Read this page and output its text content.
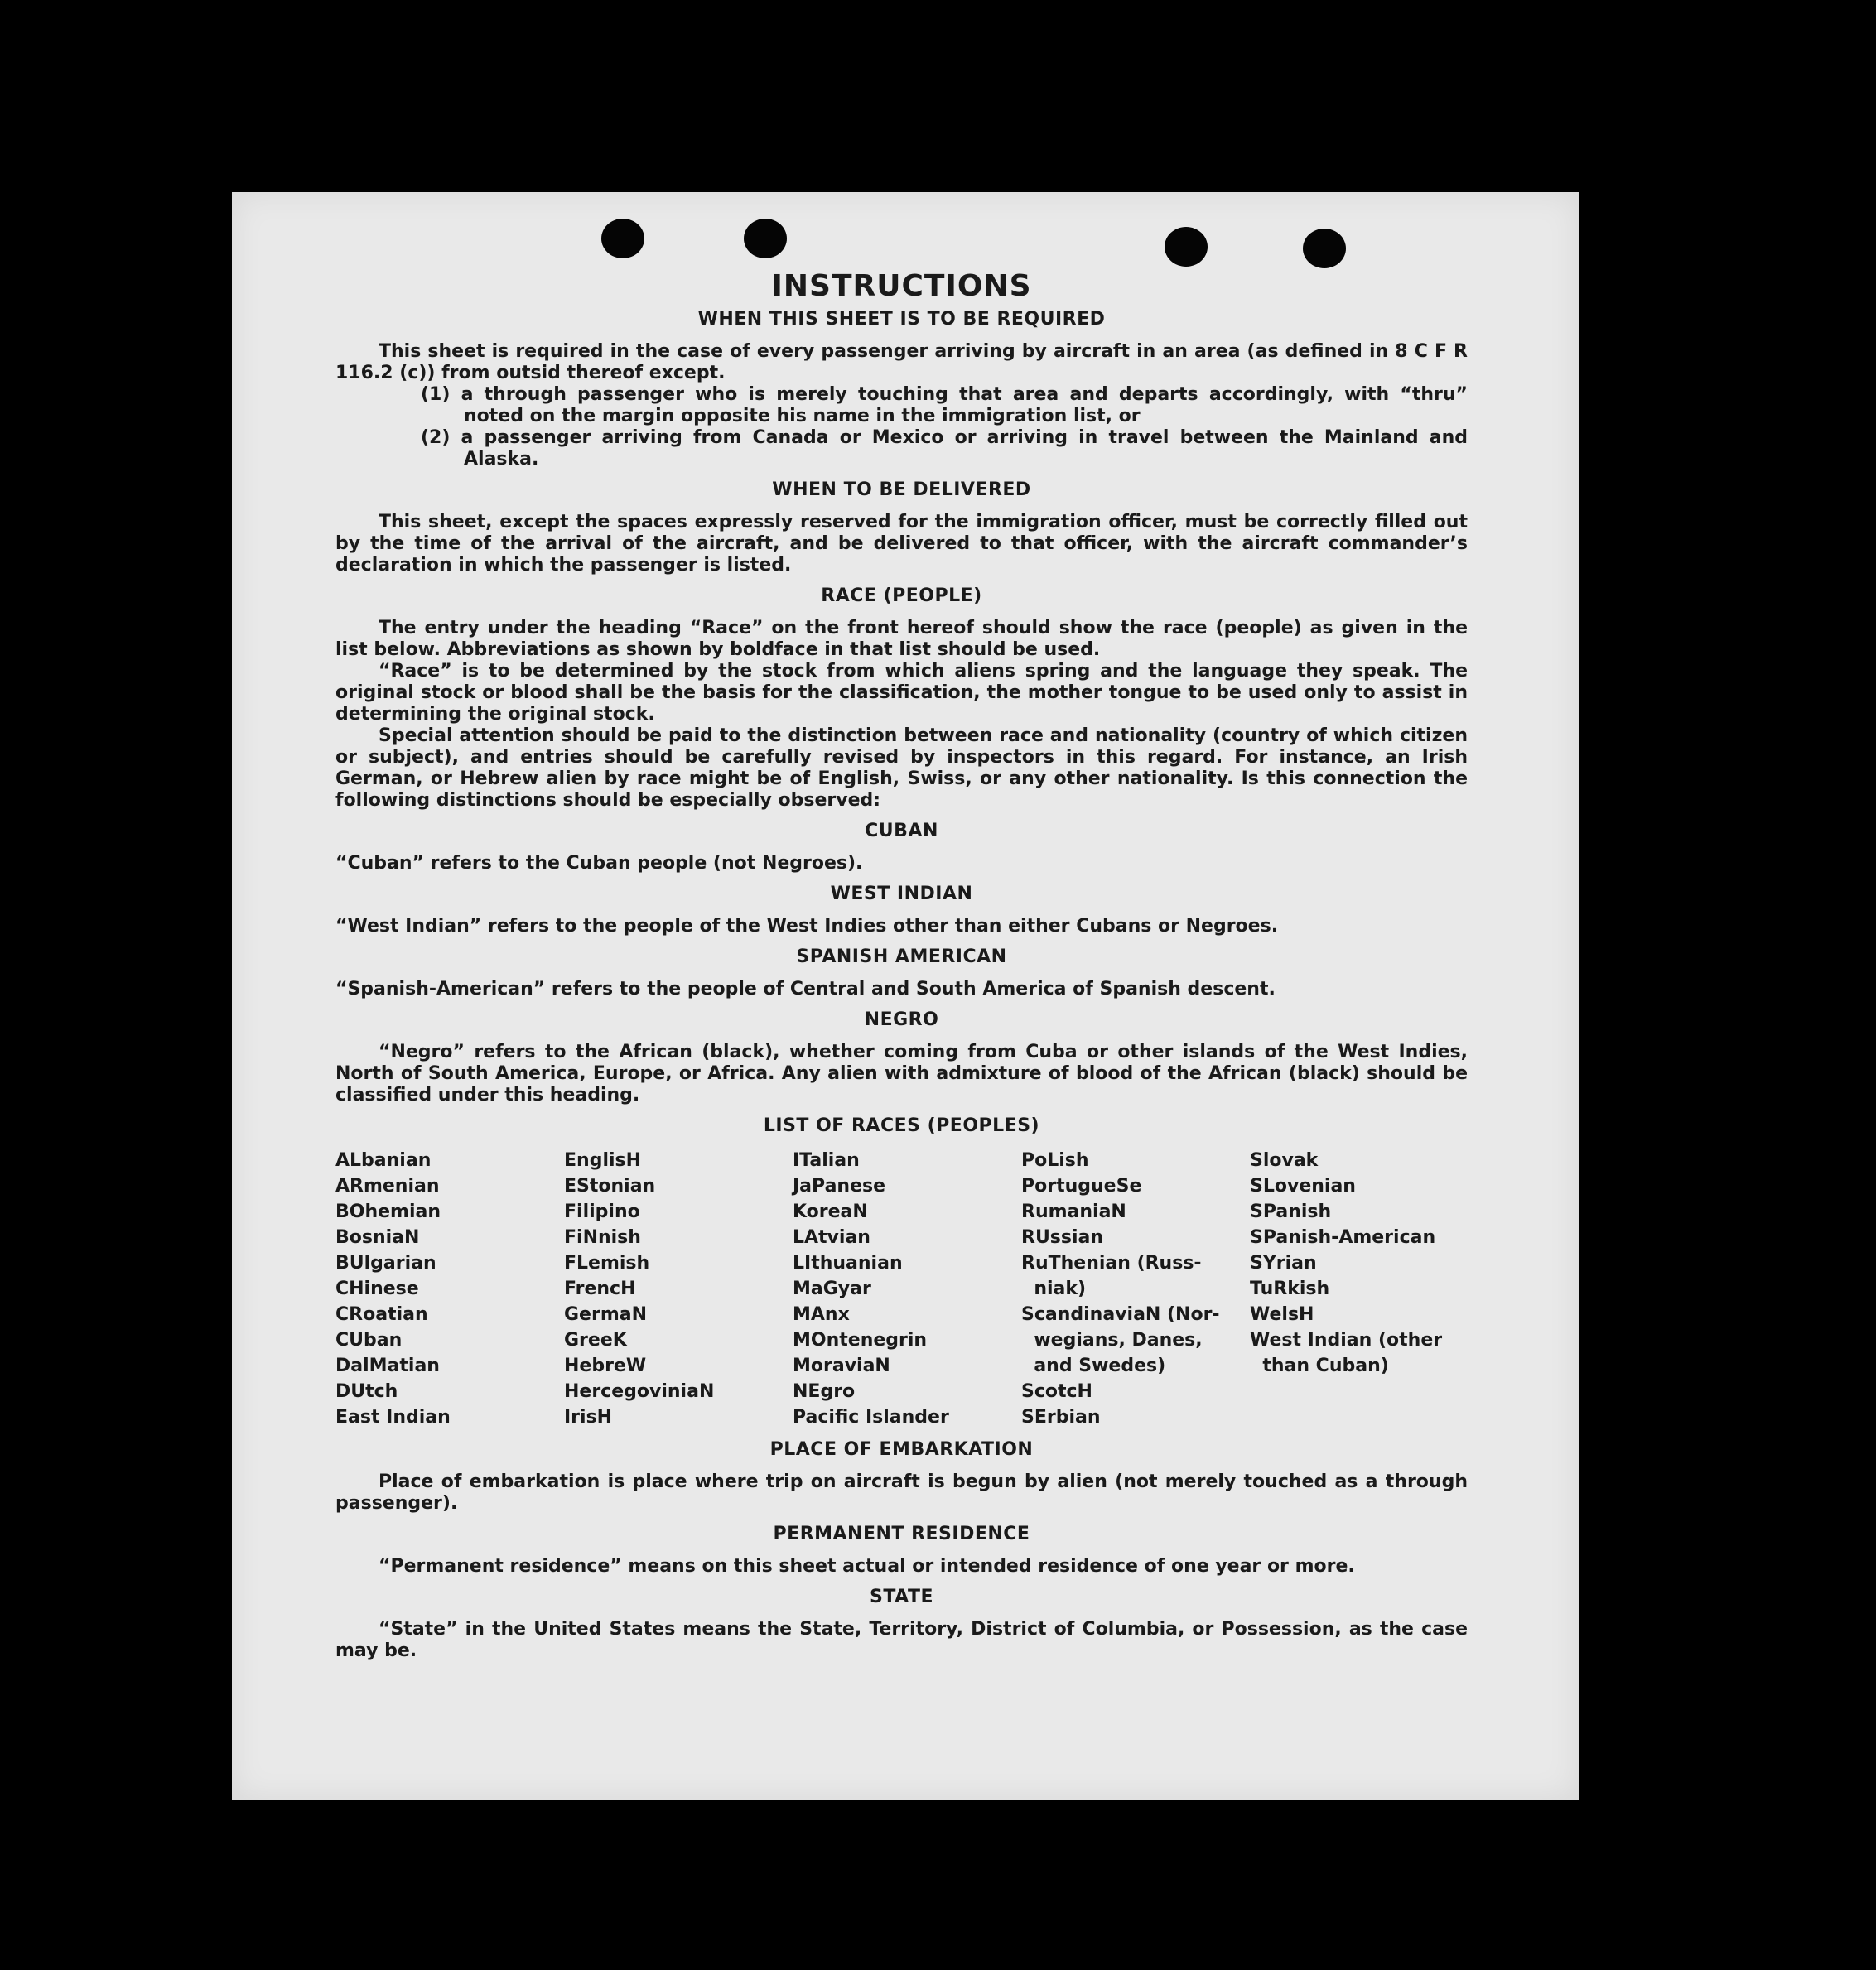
INSTRUCTIONS
WHEN THIS SHEET IS TO BE REQUIRED

This sheet is required in the case of every passenger arriving by aircraft in an area (as defined in 8 C F R 116.2 (c)) from outsid thereof except.

(1) a through passenger who is merely touching that area and departs accordingly, with “thru” noted on the margin opposite his name in the immigration list, or

(2) a passenger arriving from Canada or Mexico or arriving in travel between the Mainland and Alaska.

WHEN TO BE DELIVERED

This sheet, except the spaces expressly reserved for the immigration officer, must be correctly filled out by the time of the arrival of the aircraft, and be delivered to that officer, with the aircraft commander’s declaration in which the passenger is listed.

RACE (PEOPLE)

The entry under the heading “Race” on the front hereof should show the race (people) as given in the list below. Abbreviations as shown by boldface in that list should be used.

“Race” is to be determined by the stock from which aliens spring and the language they speak. The original stock or blood shall be the basis for the classification, the mother tongue to be used only to assist in determining the original stock.

Special attention should be paid to the distinction between race and nationality (country of which citizen or subject), and entries should be carefully revised by inspectors in this regard. For instance, an Irish German, or Hebrew alien by race might be of English, Swiss, or any other nationality. Is this connection the following distinctions should be especially observed:

CUBAN

“Cuban” refers to the Cuban people (not Negroes).

WEST INDIAN

“West Indian” refers to the people of the West Indies other than either Cubans or Negroes.

SPANISH AMERICAN

“Spanish-American” refers to the people of Central and South America of Spanish descent.

NEGRO

“Negro” refers to the African (black), whether coming from Cuba or other islands of the West Indies, North of South America, Europe, or Africa. Any alien with admixture of blood of the African (black) should be classified under this heading.

LIST OF RACES (PEOPLES)
ALbanian
ARmenian
BOhemian
BosniaN
BUlgarian
CHinese
CRoatian
CUban
DalMatian
DUtch
East Indian
EnglisH
EStonian
Filipino
FiNnish
FLemish
FrencH
GermaN
GreeK
HebreW
HercegoviniaN
IrisH
ITalian
JaPanese
KoreaN
LAtvian
LIthuanian
MaGyar
MAnx
MOntenegrin
MoraviaN
NEgro
Pacific Islander
PoLish
PortugueSe
RumaniaN
RUssian
RuThenian (Russ-
niak)
ScandinaviaN (Nor-
wegians, Danes,
and Swedes)
ScotcH
SErbian
Slovak
SLovenian
SPanish
SPanish-American
SYrian
TuRkish
WelsH
West Indian (other
than Cuban)
PLACE OF EMBARKATION

Place of embarkation is place where trip on aircraft is begun by alien (not merely touched as a through passenger).

PERMANENT RESIDENCE

“Permanent residence” means on this sheet actual or intended residence of one year or more.

STATE

“State” in the United States means the State, Territory, District of Columbia, or Possession, as the case may be.
